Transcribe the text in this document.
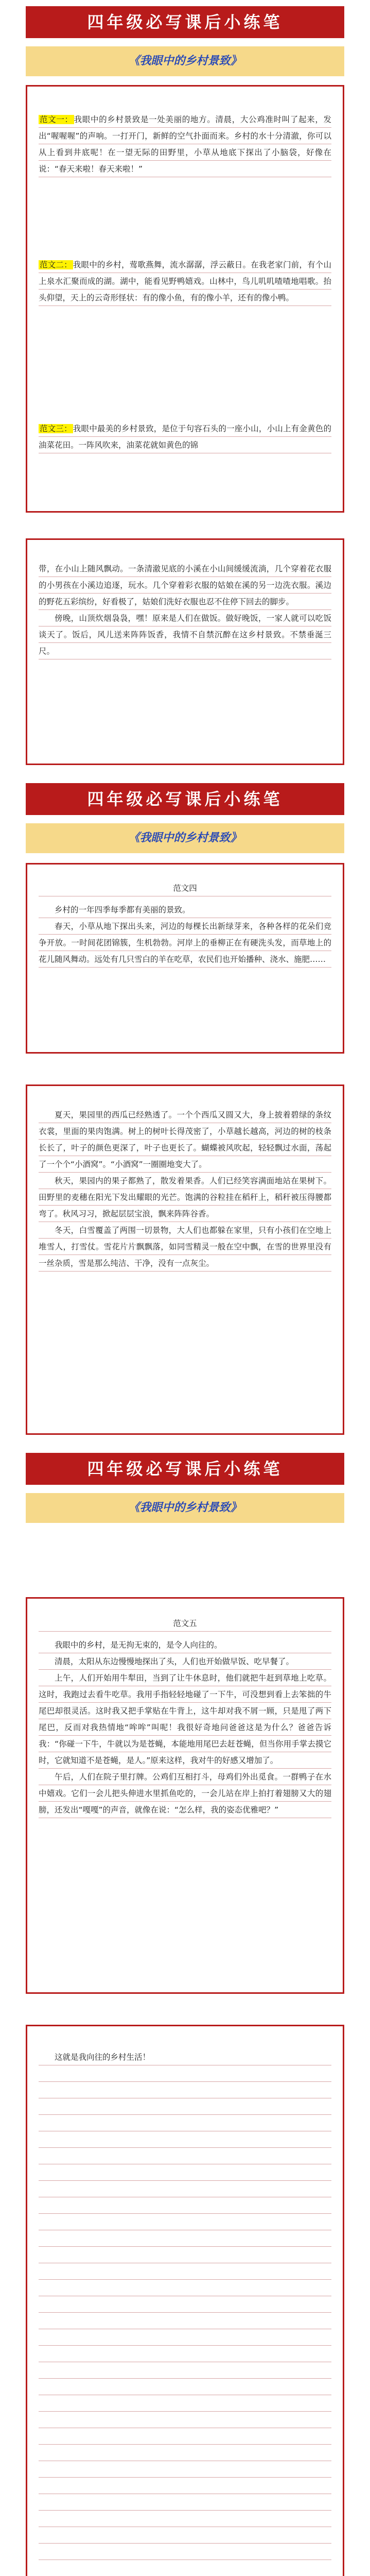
四年级必写课后小练笔
《我眼中的乡村景致》

范文一： 我眼中的乡村景致是一处美丽的地方。清晨，大公鸡准时叫了起来，发出“喔喔喔”的声响。一打开门，新鲜的空气扑面而来。乡村的水十分清澈，你可以从上看到井底呢！在一望无际的田野里，小草从地底下探出了小脑袋，好像在说：“春天来啦！春天来啦！”

范文二： 我眼中的乡村，莺歌燕舞，流水潺潺，浮云蔽日。在我老家门前，有个山上泉水汇聚而成的湖。湖中，能看见野鸭嬉戏。山林中，鸟儿叽叽喳喳地唱歌。抬头仰望，天上的云奇形怪状：有的像小鱼，有的像小羊，还有的像小鸭。

范文三： 我眼中最美的乡村景致，是位于句容石头的一座小山，小山上有金黄色的油菜花田。一阵风吹来，油菜花就如黄色的锦

带，在小山上随风飘动。一条清澈见底的小溪在小山间缓缓流淌，几个穿着花衣服的小男孩在小溪边追逐，玩水。几个穿着彩衣服的姑娘在溪的另一边洗衣服。溪边的野花五彩缤纷，好看极了，姑娘们洗好衣服也忍不住停下回去的脚步。

傍晚，山顶炊烟袅袅，嘿！原来是人们在做饭。做好晚饭，一家人就可以吃饭谈天了。饭后，风儿送来阵阵饭香，我情不自禁沉醉在这乡村景致。不禁垂涎三尺。

四年级必写课后小练笔
《我眼中的乡村景致》

范文四

乡村的一年四季每季都有美丽的景致。

春天，小草从地下探出头来，河边的每棵长出新绿芽来，各种各样的花朵们竞争开放。一时间花团锦簇，生机勃勃。河岸上的垂柳正在有硬洗头发，而草地上的花儿随风舞动。远处有几只雪白的羊在吃草，农民们也开始播种、浇水、施肥……

夏天，果园里的西瓜已经熟透了。一个个西瓜又圆又大，身上披着碧绿的条纹衣裳，里面的果肉饱满。树上的树叶长得茂密了，小草越长越高，河边的树的枝条长长了，叶子的颜色更深了，叶子也更长了。蝴蝶被风吹起，轻轻飘过水面，荡起了一个个“小酒窝”。“小酒窝”一圈圈地变大了。

秋天，果园内的果子都熟了，散发着果香。人们已经笑容满面地站在果树下。田野里的麦穗在阳光下发出耀眼的光芒。饱满的谷粒挂在稻秆上，稻秆被压得腰都弯了。秋风习习，掀起层层宝浪，飘来阵阵谷香。

冬天，白雪覆盖了两围一切景物，大人们也都躲在家里，只有小孩们在空地上堆雪人，打雪仗。雪花片片飘飘落，如同雪精灵一般在空中飘，在雪的世界里没有一丝杂质，雪是那么纯洁、干净，没有一点灰尘。

四年级必写课后小练笔
《我眼中的乡村景致》

范文五

我眼中的乡村，是无拘无束的，是令人向往的。

清晨，太阳从东边慢慢地探出了头，人们也开始做早饭、吃早餐了。

上午，人们开始用牛犁田，当到了让牛休息时，他们就把牛赶到草地上吃草。这时，我跑过去看牛吃草。我用手指轻轻地碰了一下牛，可没想到看上去笨拙的牛尾巴却很灵活。这时我又把手掌贴在牛背上，这牛却对我不屑一顾，只是甩了两下尾巴，反而对我热情地“哞哞”叫呢！我很好奇地问爸爸这是为什么？爸爸告诉我：“你碰一下牛，牛就以为是苍蝇，本能地用尾巴去赶苍蝇，但当你用手掌去摸它时，它就知道不是苍蝇，是人。”原来这样，我对牛的好感又增加了。

午后，人们在院子里打牌。公鸡们互相打斗，母鸡们外出觅食。一群鸭子在水中嬉戏。它们一会儿把头伸进水里抓鱼吃的，一会儿站在岸上拍打着翅膀又大的翅膀，还发出“嘎嘎”的声音，就像在说：“怎么样，我的姿态优雅吧？”

这就是我向往的乡村生活！
